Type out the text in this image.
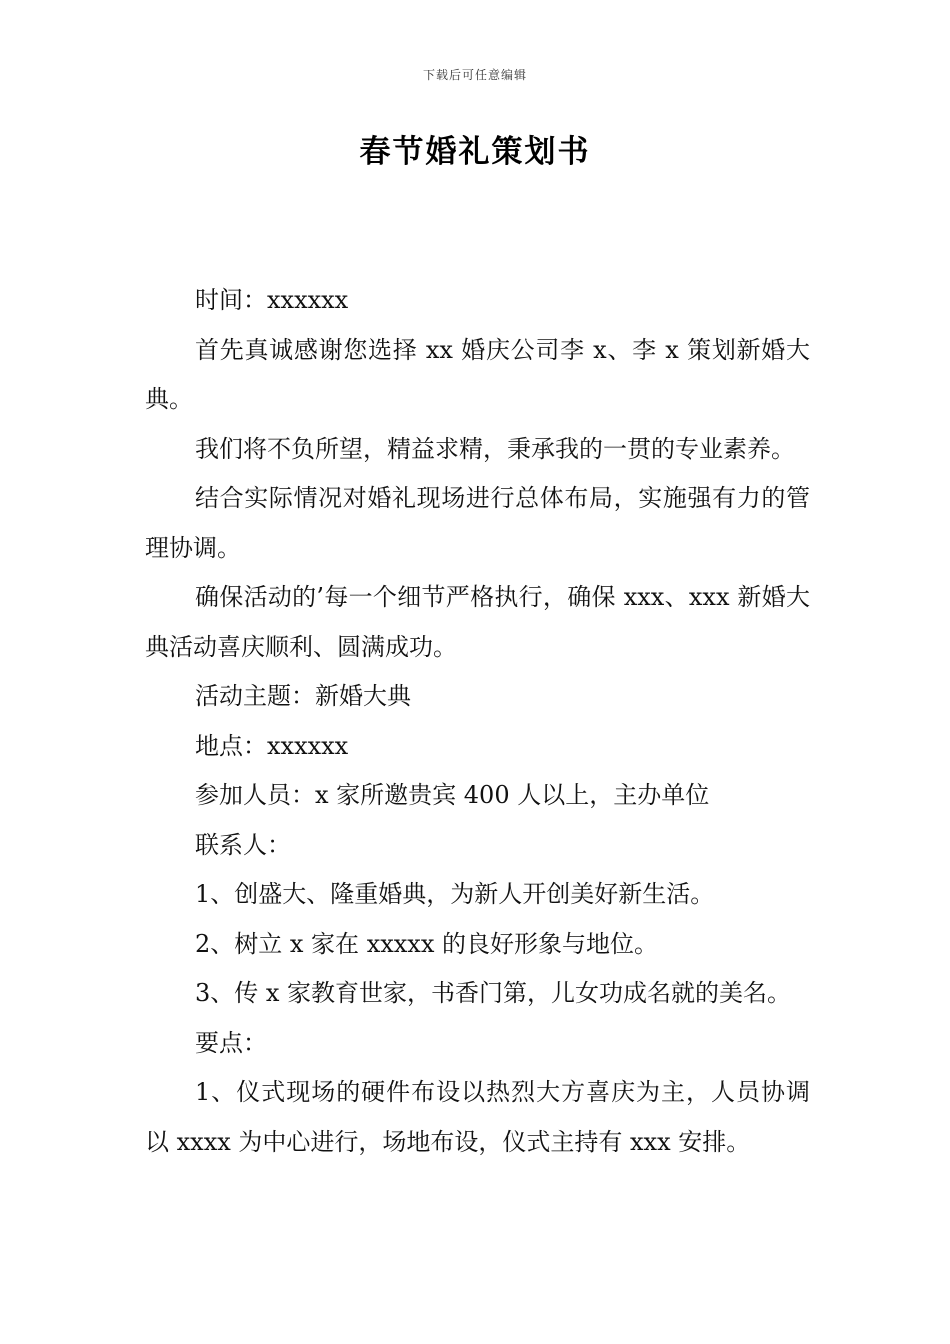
下载后可任意编辑
春节婚礼策划书

时间：xxxxxx

首先真诚感谢您选择 xx 婚庆公司李 x、李 x 策划新婚大典。

我们将不负所望，精益求精，秉承我的一贯的专业素养。

结合实际情况对婚礼现场进行总体布局，实施强有力的管理协调。

确保活动的’每一个细节严格执行，确保 xxx、xxx 新婚大典活动喜庆顺利、圆满成功。

活动主题：新婚大典

地点：xxxxxx

参加人员：x 家所邀贵宾 400 人以上，主办单位

联系人：

1、创盛大、隆重婚典，为新人开创美好新生活。

2、树立 x 家在 xxxxx 的良好形象与地位。

3、传 x 家教育世家，书香门第，儿女功成名就的美名。

要点：

1、仪式现场的硬件布设以热烈大方喜庆为主，人员协调以 xxxx 为中心进行，场地布设，仪式主持有 xxx 安排。
